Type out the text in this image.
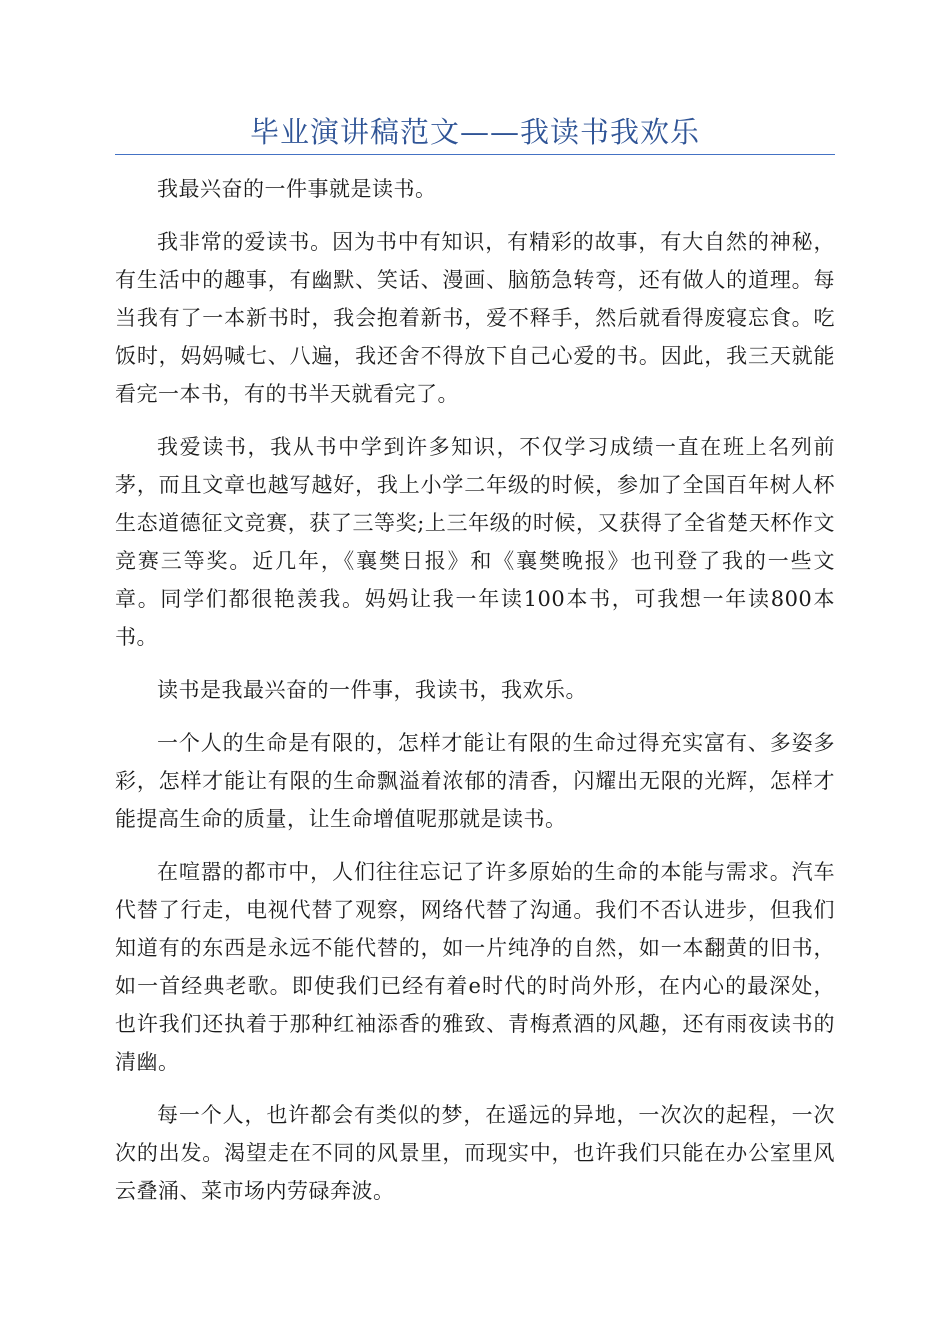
毕业演讲稿范文——我读书我欢乐

我最兴奋的一件事就是读书。

我非常的爱读书。因为书中有知识，有精彩的故事，有大自然的神秘，有生活中的趣事，有幽默、笑话、漫画、脑筋急转弯，还有做人的道理。每当我有了一本新书时，我会抱着新书，爱不释手，然后就看得废寝忘食。吃饭时，妈妈喊七、八遍，我还舍不得放下自己心爱的书。因此，我三天就能看完一本书，有的书半天就看完了。

我爱读书，我从书中学到许多知识，不仅学习成绩一直在班上名列前茅，而且文章也越写越好，我上小学二年级的时候，参加了全国百年树人杯生态道德征文竞赛，获了三等奖;上三年级的时候，又获得了全省楚天杯作文竞赛三等奖。近几年，《襄樊日报》和《襄樊晚报》也刊登了我的一些文章。同学们都很艳羡我。妈妈让我一年读100本书，可我想一年读800本书。

读书是我最兴奋的一件事，我读书，我欢乐。

一个人的生命是有限的，怎样才能让有限的生命过得充实富有、多姿多彩，怎样才能让有限的生命飘溢着浓郁的清香，闪耀出无限的光辉，怎样才能提高生命的质量，让生命增值呢那就是读书。

在喧嚣的都市中，人们往往忘记了许多原始的生命的本能与需求。汽车代替了行走，电视代替了观察，网络代替了沟通。我们不否认进步，但我们知道有的东西是永远不能代替的，如一片纯净的自然，如一本翻黄的旧书，如一首经典老歌。即使我们已经有着e时代的时尚外形，在内心的最深处，也许我们还执着于那种红袖添香的雅致、青梅煮酒的风趣，还有雨夜读书的清幽。

每一个人，也许都会有类似的梦，在遥远的异地，一次次的起程，一次次的出发。渴望走在不同的风景里，而现实中，也许我们只能在办公室里风云叠涌、菜市场内劳碌奔波。
